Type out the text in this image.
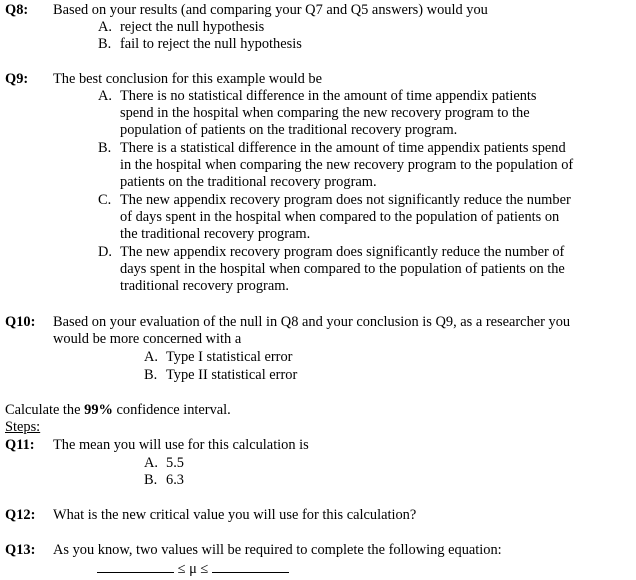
Q8: Based on your results (and comparing your Q7 and Q5 answers) would you
A. reject the null hypothesis
B. fail to reject the null hypothesis
Q9: The best conclusion for this example would be
A. There is no statistical difference in the amount of time appendix patients
spend in the hospital when comparing the new recovery program to the
population of patients on the traditional recovery program.
B. There is a statistical difference in the amount of time appendix patients spend
in the hospital when comparing the new recovery program to the population of
patients on the traditional recovery program.
C. The new appendix recovery program does not significantly reduce the number
of days spent in the hospital when compared to the population of patients on
the traditional recovery program.
D. The new appendix recovery program does significantly reduce the number of
days spent in the hospital when compared to the population of patients on the
traditional recovery program.
Q10: Based on your evaluation of the null in Q8 and your conclusion is Q9, as a researcher you
would be more concerned with a
A. Type I statistical error
B. Type II statistical error
Calculate the 99% confidence interval.
Steps:
Q11: The mean you will use for this calculation is
A. 5.5
B. 6.3
Q12: What is the new critical value you will use for this calculation?
Q13: As you know, two values will be required to complete the following equation:
≤ μ ≤
